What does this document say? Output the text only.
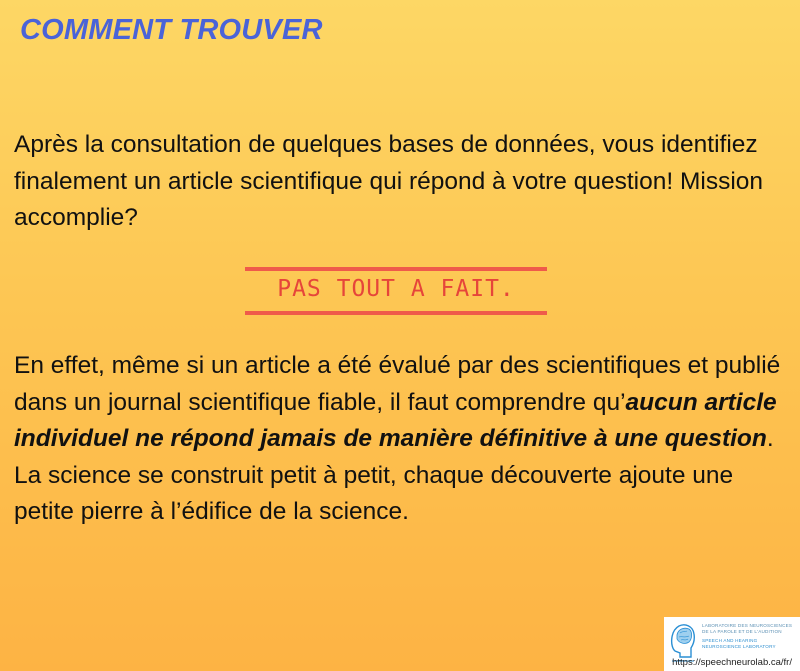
COMMENT TROUVER

Après la consultation de quelques bases de données, vous identifiez finalement un article scientifique qui répond à votre question! Mission accomplie?

PAS TOUT A FAIT.

En effet, même si un article a été évalué par des scientifiques et publié dans un journal scientifique fiable, il faut comprendre qu’aucun article individuel ne répond jamais de manière définitive à une question. La science se construit petit à petit, chaque découverte ajoute une petite pierre à l’édifice de la science.

LABORATOIRE DES NEUROSCIENCES
DE LA PAROLE ET DE L'AUDITION
SPEECH AND HEARING
NEUROSCIENCE LABORATORY
https://speechneurolab.ca/fr/
